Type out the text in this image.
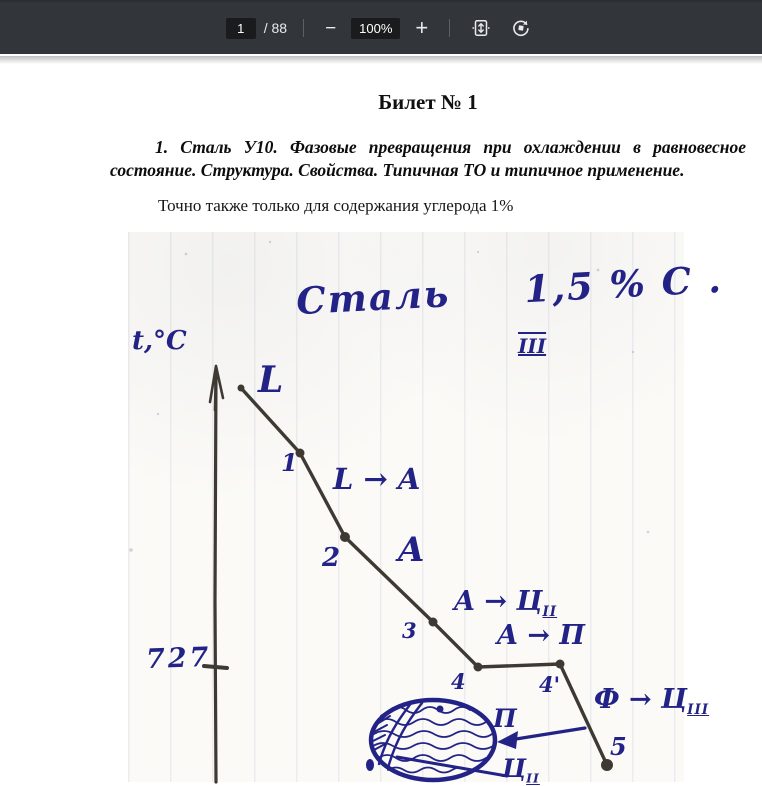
1
/ 88 −	100%	+
Билет № 1
1. Сталь У10. Фазовые превращения при охлаждении в равновесное состояние. Структура. Свойства. Типичная ТО и типичное применение.
Точно также только для содержания углерода 1%
Сталь     1,5 % С .
III
t,°C
727
L
1 L → A
2 A
3
$A \to Ц_{II}$
A → П
4	4' $Ф \to Ц_{III}$
5
П
$Ц_{II}$
